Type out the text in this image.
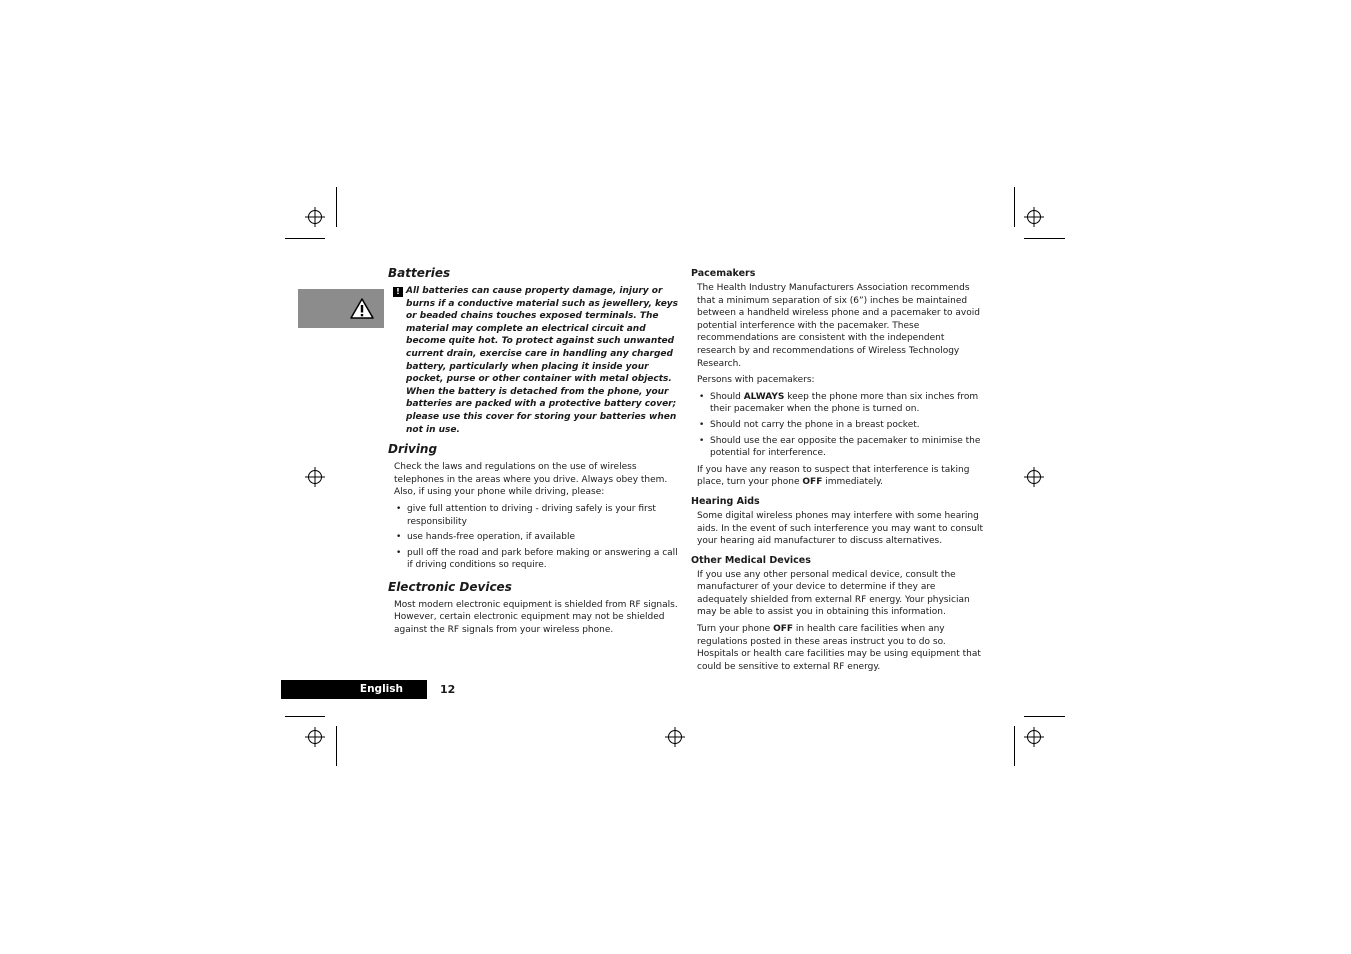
Batteries
! All batteries can cause property damage, injury or burns if a conductive material such as jewellery, keys or beaded chains touches exposed terminals. The material may complete an electrical circuit and become quite hot. To protect against such unwanted current drain, exercise care in handling any charged battery, particularly when placing it inside your pocket, purse or other container with metal objects. When the battery is detached from the phone, your batteries are packed with a protective battery cover; please use this cover for storing your batteries when not in use.
Driving
Check the laws and regulations on the use of wireless telephones in the areas where you drive. Always obey them. Also, if using your phone while driving, please:
• give full attention to driving - driving safely is your first responsibility
• use hands-free operation, if available
• pull off the road and park before making or answering a call if driving conditions so require.
Electronic Devices
Most modern electronic equipment is shielded from RF signals. However, certain electronic equipment may not be shielded against the RF signals from your wireless phone.
Pacemakers
The Health Industry Manufacturers Association recommends that a minimum separation of six (6”) inches be maintained between a handheld wireless phone and a pacemaker to avoid potential interference with the pacemaker. These recommendations are consistent with the independent research by and recommendations of Wireless Technology Research.
Persons with pacemakers:
• Should ALWAYS keep the phone more than six inches from their pacemaker when the phone is turned on.
• Should not carry the phone in a breast pocket.
• Should use the ear opposite the pacemaker to minimise the potential for interference.
If you have any reason to suspect that interference is taking place, turn your phone OFF immediately.
Hearing Aids
Some digital wireless phones may interfere with some hearing aids. In the event of such interference you may want to consult your hearing aid manufacturer to discuss alternatives.
Other Medical Devices
If you use any other personal medical device, consult the manufacturer of your device to determine if they are adequately shielded from external RF energy. Your physician may be able to assist you in obtaining this information.
Turn your phone OFF in health care facilities when any regulations posted in these areas instruct you to do so. Hospitals or health care facilities may be using equipment that could be sensitive to external RF energy.
English	12
